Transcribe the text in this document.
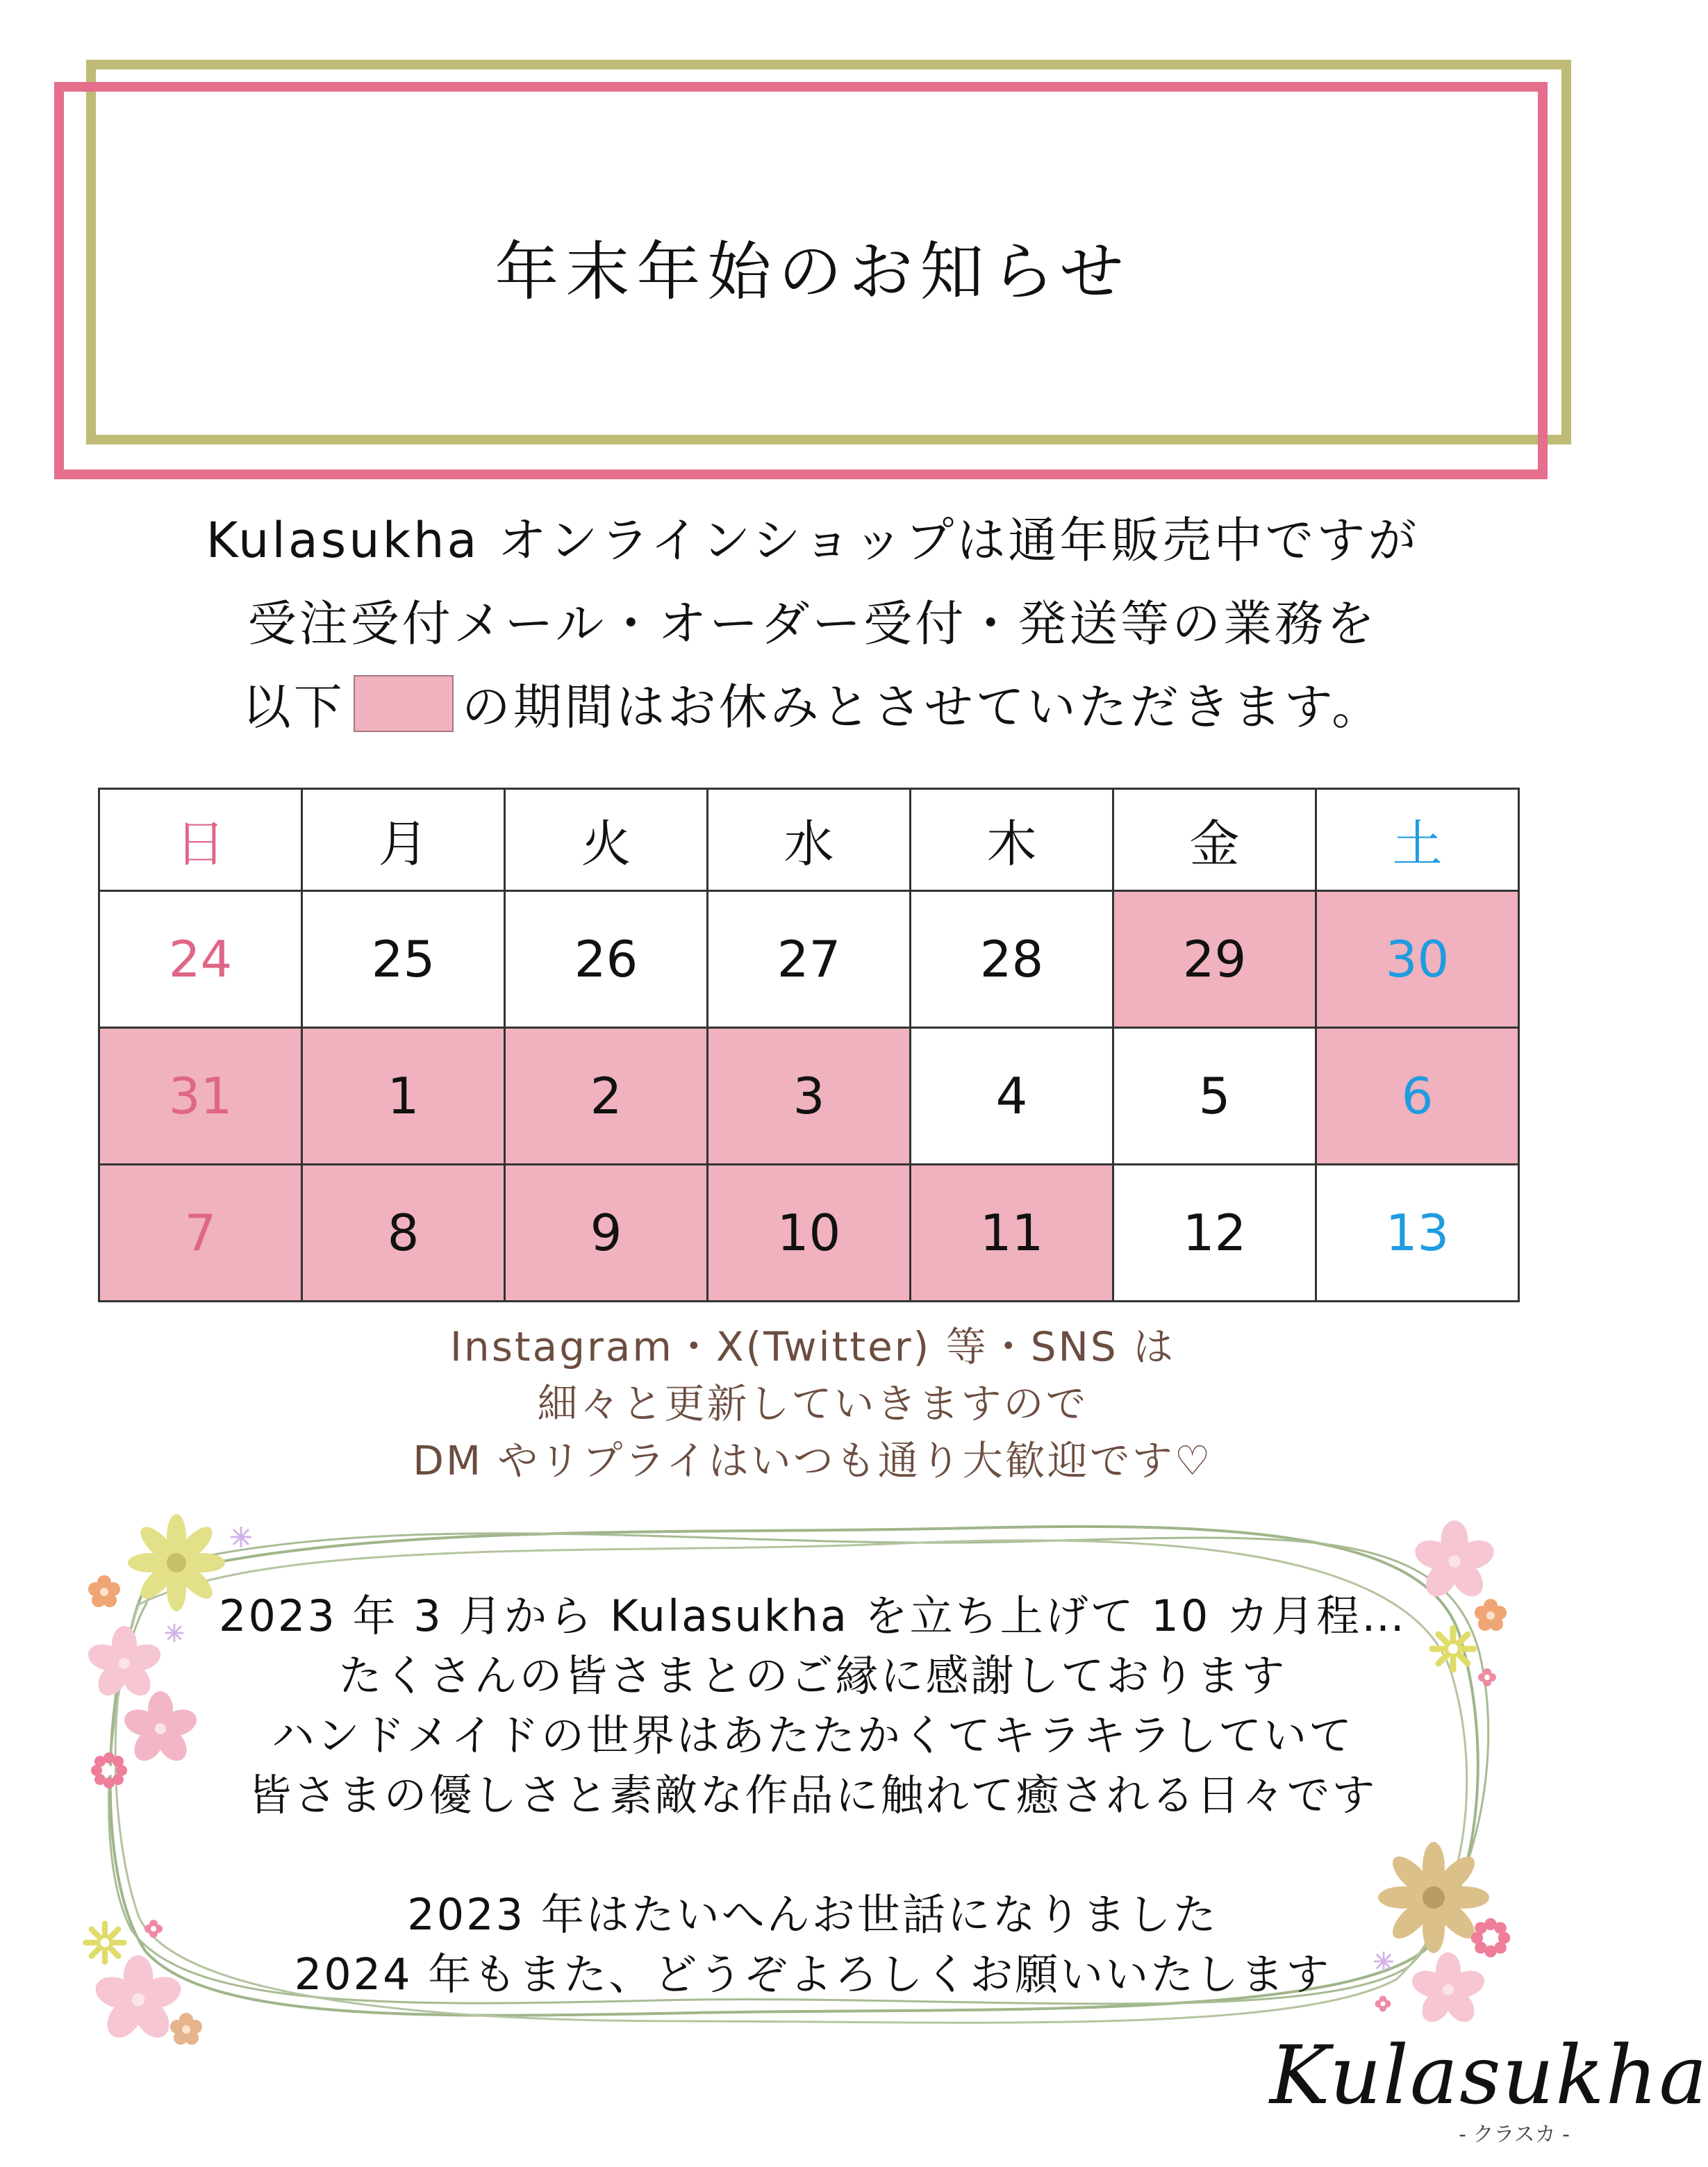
年末年始のお知らせ
Kulasukha オンラインショップは通年販売中ですが
受注受付メール・オーダー受付・発送等の業務を
以下 の期間はお休みとさせていただきます。
日	月	火	水	木	金	土
24	25	26	27	28	29	30
31	1	2	3	4	5	6
7	8	9	10	11	12	13
Instagram・X(Twitter) 等・SNS は
細々と更新していきますので
DM やリプライはいつも通り大歓迎です♡
2023 年 3 月から Kulasukha を立ち上げて 10 カ月程…
たくさんの皆さまとのご縁に感謝しております
ハンドメイドの世界はあたたかくてキラキラしていて
皆さまの優しさと素敵な作品に触れて癒される日々です
2023 年はたいへんお世話になりました
2024 年もまた、どうぞよろしくお願いいたします
Kulasukha
- クラスカ -
